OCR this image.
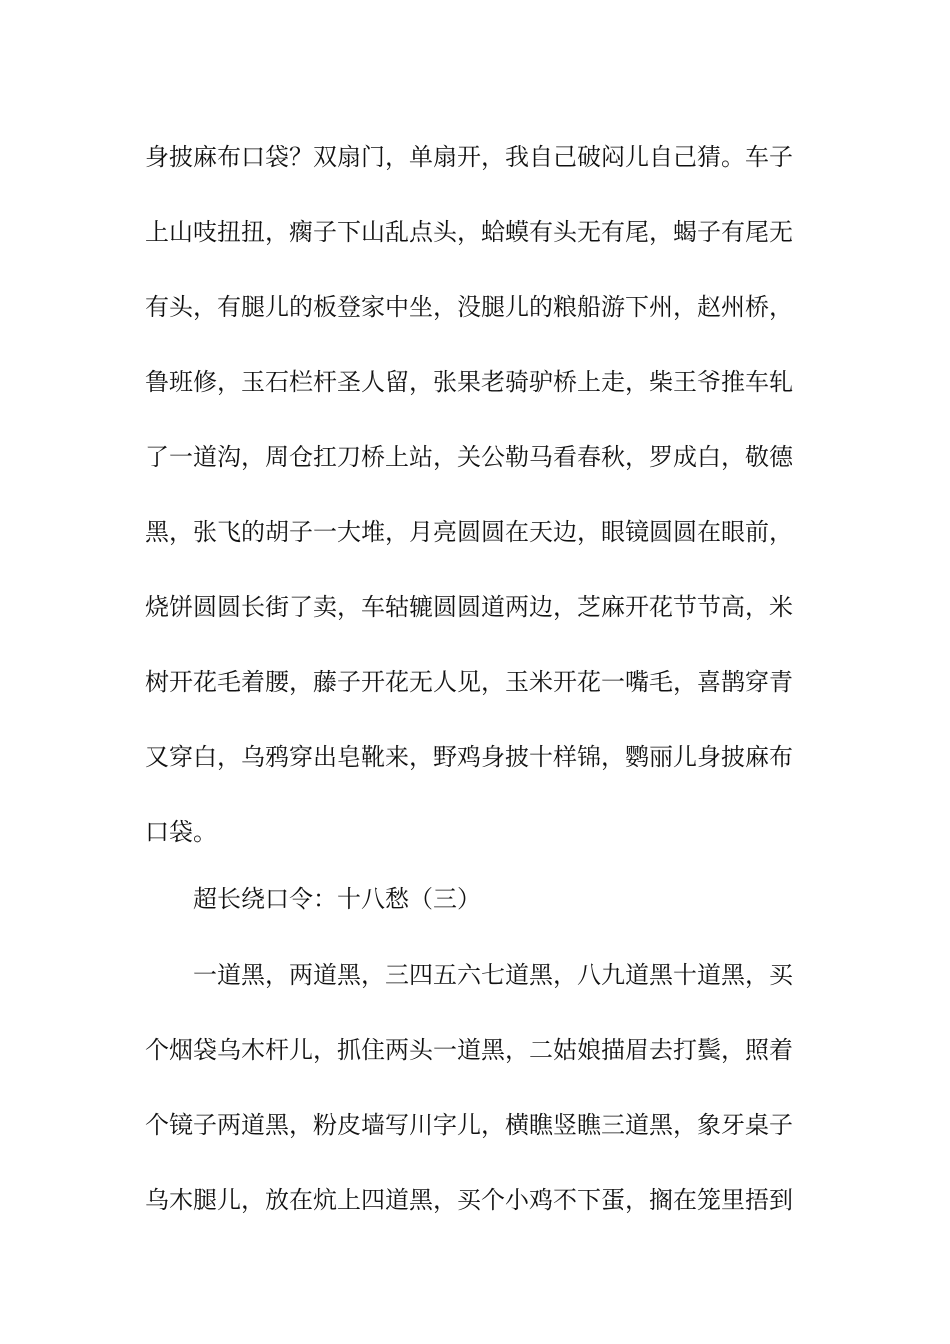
身披麻布口袋？双扇门，单扇开，我自己破闷儿自己猜。车子
上山吱扭扭，瘸子下山乱点头，蛤蟆有头无有尾，蝎子有尾无
有头，有腿儿的板登家中坐，没腿儿的粮船游下州，赵州桥，
鲁班修，玉石栏杆圣人留，张果老骑驴桥上走，柴王爷推车轧
了一道沟，周仓扛刀桥上站，关公勒马看春秋，罗成白，敬德
黑，张飞的胡子一大堆，月亮圆圆在天边，眼镜圆圆在眼前，
烧饼圆圆长街了卖，车轱辘圆圆道两边，芝麻开花节节高，米
树开花毛着腰，藤子开花无人见，玉米开花一嘴毛，喜鹊穿青
又穿白，乌鸦穿出皂靴来，野鸡身披十样锦，鹦丽儿身披麻布
口袋。
超长绕口令：十八愁（三）
一道黑，两道黑，三四五六七道黑，八九道黑十道黑，买
个烟袋乌木杆儿，抓住两头一道黑，二姑娘描眉去打鬓，照着
个镜子两道黑，粉皮墙写川字儿，横瞧竖瞧三道黑，象牙桌子
乌木腿儿，放在炕上四道黑，买个小鸡不下蛋，搁在笼里捂到
